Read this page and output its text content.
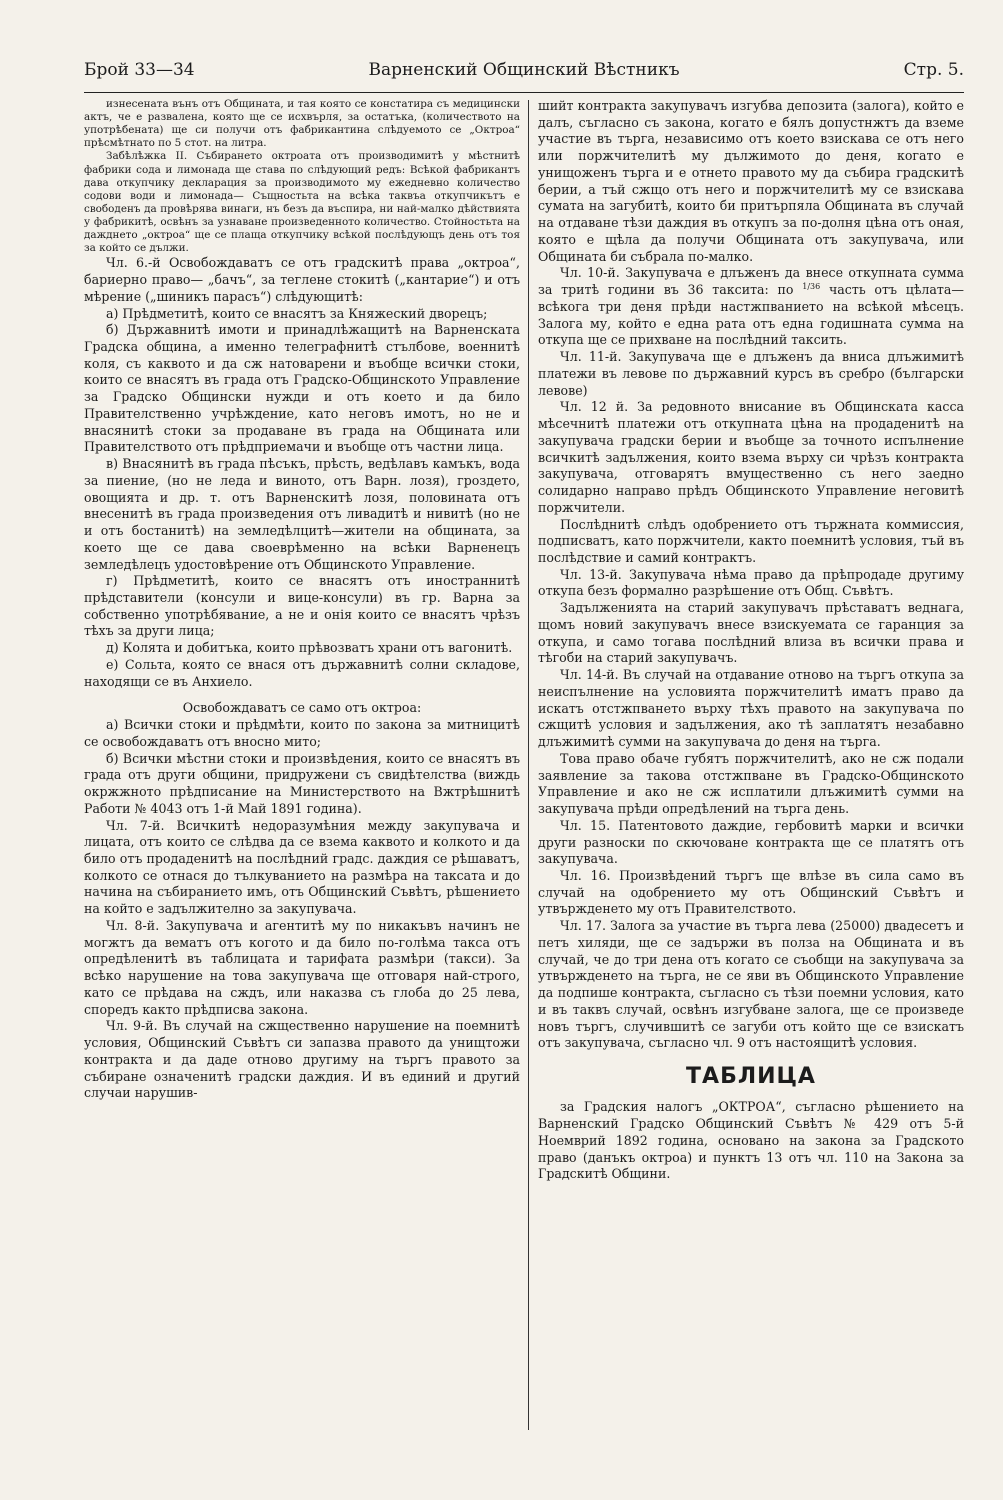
Брой 33—34	Варненский Общинский Вѣстникъ	Стр. 5.

изнесената вънъ отъ Общината, и тая която се констатира съ медицински актъ, че е развалена, която ще се исхвърля, за остатъка, (количеството на употрѣбената) ще си получи отъ фабрикантина слѣдуемото се „Октроа“ прѣсмѣтнато по 5 стот. на литра.

Забѣлѣжка II. Събирането октроата отъ производимитѣ у мѣстнитѣ фабрики сода и лимонада ще става по слѣдующий редъ: Всѣкой фабрикантъ дава откупчику декларация за производимото му ежедневно количество содови води и лимонада— Същностьта на всѣка таквъа откупчикътъ е свободенъ да провѣрява винаги, нъ безъ да въспира, ни най-малко дѣйствията у фабрикитѣ, освѣнъ за узнаване произведенното количество. Стойностьта на дажднето „октроа“ ще се плаща откупчику всѣкой послѣдующъ день отъ тоя за който се дължи.

Чл. 6.-й Освобождаватъ се отъ градскитѣ права „октроа“, бариерно право— „бачъ“, за теглене стокитѣ („кантарие“) и отъ мѣрение („шиникъ парасъ“) слѣдующитѣ:

а) Прѣдметитѣ, които се внасятъ за Княжеский дворецъ;

б) Държавнитѣ имоти и принадлѣжащитѣ на Варненската Градска община, а именно телеграфнитѣ стълбове, военнитѣ коля, съ каквото и да сж натоварени и въобще всички стоки, които се внасятъ въ града отъ Градско-Общинското Управление за Градско Общински нужди и отъ което и да било Правителственно учрѣждение, като неговъ имотъ, но не и внасянитѣ стоки за продаване въ града на Общината или Правителството отъ прѣдприемачи и въобще отъ частни лица.

в) Внасянитѣ въ града пѣсъкъ, прѣсть, ведѣлавъ камъкъ, вода за пиение, (но не леда и виното, отъ Варн. лозя), гроздето, овощията и др. т. отъ Варненскитѣ лозя, половината отъ внесенитѣ въ града произведения отъ ливадитѣ и нивитѣ (но не и отъ бостанитѣ) на земледѣлцитѣ—жители на общината, за което ще се дава своеврѣменно на всѣки Варненецъ земледѣлецъ удостовѣрение отъ Общинското Управление.

г) Прѣдметитѣ, които се внасятъ отъ иностраннитѣ прѣдставители (консули и вице-консули) въ гр. Варна за собственно употрѣбявание, а не и онія които се внасятъ чрѣзъ тѣхъ за други лица;

д) Колята и добитъка, които прѣвозватъ храни отъ вагонитѣ.

е) Сольта, която се внася отъ държавнитѣ солни складове, находящи се въ Анхиело.

Освобождаватъ се само отъ октроа:

а) Всички стоки и прѣдмѣти, които по закона за митницитѣ се освобождаватъ отъ вносно мито;

б) Всички мѣстни стоки и произвѣдения, които се внасятъ въ града отъ други общини, придружени съ свидѣтелства (виждь окржжното прѣдписание на Министерството на Вжтрѣшнитѣ Работи № 4043 отъ 1-й Май 1891 година).

Чл. 7-й. Всичкитѣ недоразумѣния между закупувача и лицата, отъ които се слѣдва да се взема каквото и колкото и да било отъ продаденитѣ на послѣдний градс. даждия се рѣшаватъ, колкото се отнася до тълкуванието на размѣра на таксата и до начина на събиранието имъ, отъ Общинский Съвѣтъ, рѣшението на който е задължително за закупувача.

Чл. 8-й. Закупувача и агентитѣ му по никакъвъ начинъ не могжтъ да вематъ отъ когото и да било по-голѣма такса отъ опредѣленитѣ въ таблицата и тарифата размѣри (такси). За всѣко нарушение на това закупувача ще отговаря най-строго, като се прѣдава на сждъ, или наказва съ глоба до 25 лева, споредъ както прѣдписва закона.

Чл. 9-й. Въ случай на сжщественно нарушение на поемнитѣ условия, Общинский Съвѣтъ си запазва правото да унищтожи контракта и да даде отново другиму на търгъ правото за събиране означенитѣ градски даждия. И въ единий и другий случаи нарушив-

шийт контракта закупувачъ изгубва депозита (залога), който е далъ, съгласно съ закона, когато е бялъ допустнжтъ да вземе участие въ търга, независимо отъ което взискава се отъ него или поржчителитѣ му дължимото до деня, когато е унищоженъ търга и е отнето правото му да събира градскитѣ берии, а тъй сжщо отъ него и поржчителитѣ му се взискава сумата на загубитѣ, които би притърпяла Общината въ случай на отдаване тѣзи даждия въ откупъ за по-долня цѣна отъ оная, която е щѣла да получи Общината отъ закупувача, или Общината би събрала по-малко.

Чл. 10-й. Закупувача е длъженъ да внесе откупната сумма за тритѣ години въ 36 таксита: по $^{1/36}$ часть отъ цѣлата—всѣкога три деня прѣди настжпванието на всѣкой мѣсецъ. Залога му, който е една рата отъ една годишната сумма на откупа ще се прихване на послѣдний таксить.

Чл. 11-й. Закупувача ще е длъженъ да вниса длъжимитѣ платежи въ левове по държавний курсъ въ сребро (български левове)

Чл. 12 й. За редовното внисание въ Общинската касса мѣсечнитѣ платежи отъ откупната цѣна на продаденитѣ на закупувача градски берии и въобще за точното испълнение всичкитѣ задължения, които вземa върху си чрѣзъ контракта закупувача, отговарятъ вмущественно съ него заедно солидарно направо прѣдъ Общинското Управление неговитѣ поржчители.

Послѣднитѣ слѣдъ одобрението отъ тържната коммиссия, подписватъ, като поржчители, както поемнитѣ условия, тъй въ послѣдствие и самий контрактъ.

Чл. 13-й. Закупувача нѣма право да прѣпродаде другиму откупа безъ формално разрѣшение отъ Общ. Съвѣтъ.

Задълженията на старий закупувачъ прѣставатъ веднага, щомъ новий закупувачъ внесе взискуемата се гаранция за откупа, и само тогава послѣдний влиза въ всички права и тѣгоби на старий закупувачъ.

Чл. 14-й. Въ случай на отдавание отново на търгъ откупа за неиспълнение на условията поржчителитѣ иматъ право да искатъ отстжпването върху тѣхъ правото на закупувача по сжщитѣ условия и задължения, ако тѣ заплатятъ незабавно длъжимитѣ сумми на закупувача до деня на търга.

Това право обаче губятъ поржчителитѣ, ако не сж подали заявление за такова отстжпване въ Градско-Общинското Управление и ако не сж исплатили длъжимитѣ сумми на закупувача прѣди опредѣлений на търга день.

Чл. 15. Патентовото даждие, гербовитѣ марки и всички други разноски по скючоване контракта ще се платятъ отъ закупувача.

Чл. 16. Произвѣдений търгъ ще влѣзе въ сила само въ случай на одобрението му отъ Общинский Съвѣтъ и утвържденето му отъ Правителството.

Чл. 17. Залога за участие въ търга лева (25000) двадесетъ и петъ хиляди, ще се задържи въ полза на Общината и въ случай, че до три дена отъ когато се съобщи на закупувача за утвържденето на търга, не се яви въ Общинското Управление да подпише контракта, съгласно съ тѣзи поемни условия, като и въ таквъ случай, освѣнъ изгубване залога, ще се произведе новъ търгъ, случившитѣ се загуби отъ който ще се взискатъ отъ закупувача, съгласно чл. 9 отъ настоящитѣ условия.

ТАБЛИЦА

за Градския налогъ „ОКТРОА“, съгласно рѣшението на Варненский Градско Общинский Съвѣтъ № 429 отъ 5-й Ноемврий 1892 година, основано на закона за Градското право (данъкъ октроа) и пунктъ 13 отъ чл. 110 на Закона за Градскитѣ Общини.
